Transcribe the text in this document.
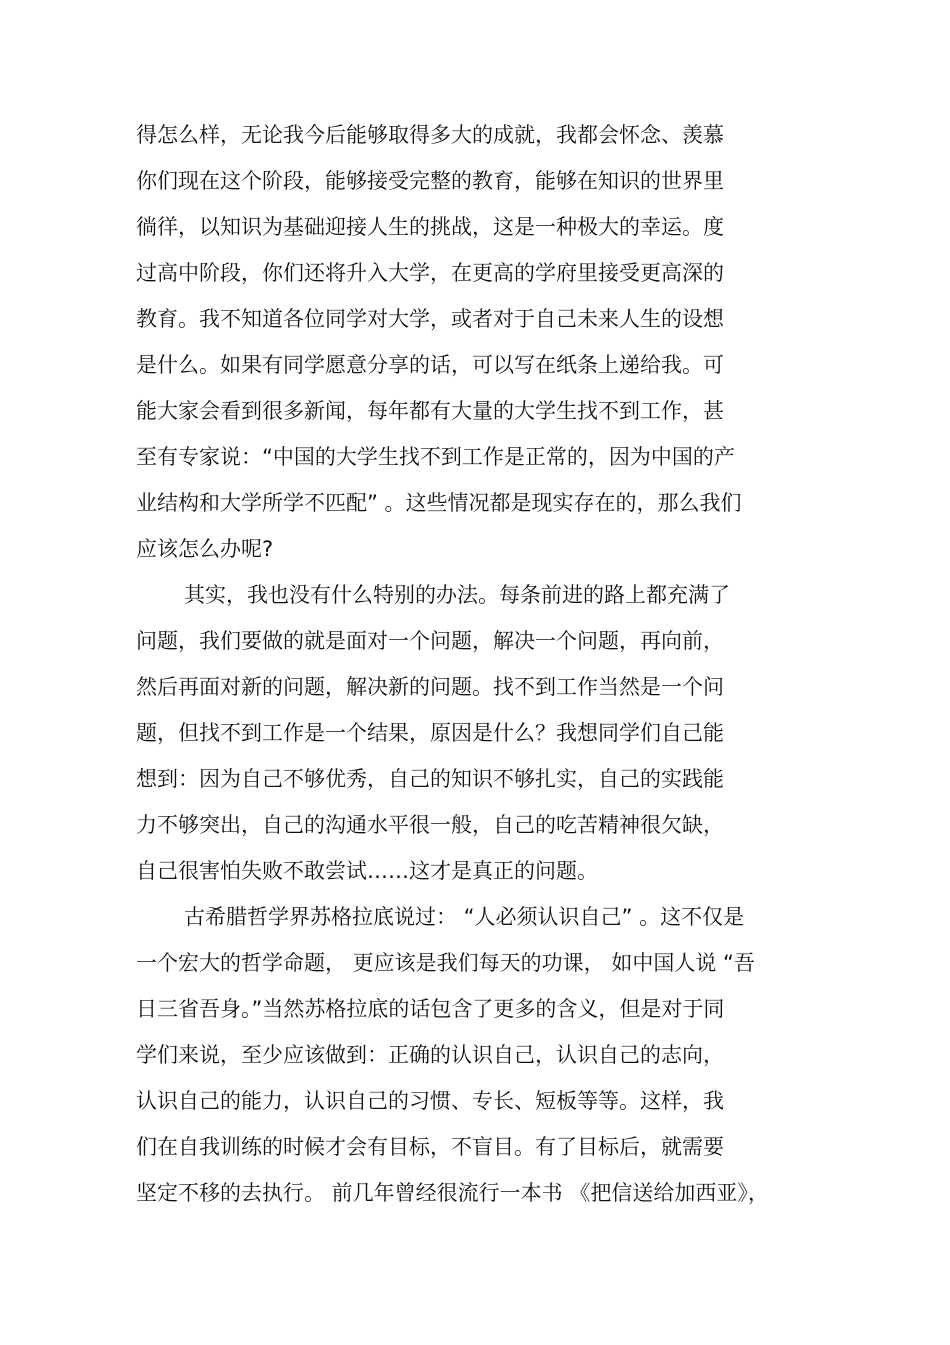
得怎么样，无论我今后能够取得多大的成就，我都会怀念、羡慕
你们现在这个阶段，能够接受完整的教育，能够在知识的世界里
徜徉，以知识为基础迎接人生的挑战，这是一种极大的幸运。度
过高中阶段，你们还将升入大学，在更高的学府里接受更高深的
教育。我不知道各位同学对大学，或者对于自己未来人生的设想
是什么。如果有同学愿意分享的话，可以写在纸条上递给我。可
能大家会看到很多新闻，每年都有大量的大学生找不到工作，甚
至有专家说：“中国的大学生找不到工作是正常的，因为中国的产
业结构和大学所学不匹配” 。这些情况都是现实存在的，那么我们
应该怎么办呢?
其实，我也没有什么特别的办法。每条前进的路上都充满了
问题，我们要做的就是面对一个问题，解决一个问题，再向前，
然后再面对新的问题，解决新的问题。找不到工作当然是一个问
题，但找不到工作是一个结果，原因是什么？我想同学们自己能
想到：因为自己不够优秀，自己的知识不够扎实，自己的实践能
力不够突出，自己的沟通水平很一般，自己的吃苦精神很欠缺，
自己很害怕失败不敢尝试……这才是真正的问题。
古希腊哲学界苏格拉底说过： “人必须认识自己” 。这不仅是
一个宏大的哲学命题， 更应该是我们每天的功课， 如中国人说 “吾
日三省吾身。”当然苏格拉底的话包含了更多的含义，但是对于同
学们来说，至少应该做到：正确的认识自己，认识自己的志向，
认识自己的能力，认识自己的习惯、专长、短板等等。这样，我
们在自我训练的时候才会有目标，不盲目。有了目标后，就需要
坚定不移的去执行。 前几年曾经很流行一本书 《把信送给加西亚》，
